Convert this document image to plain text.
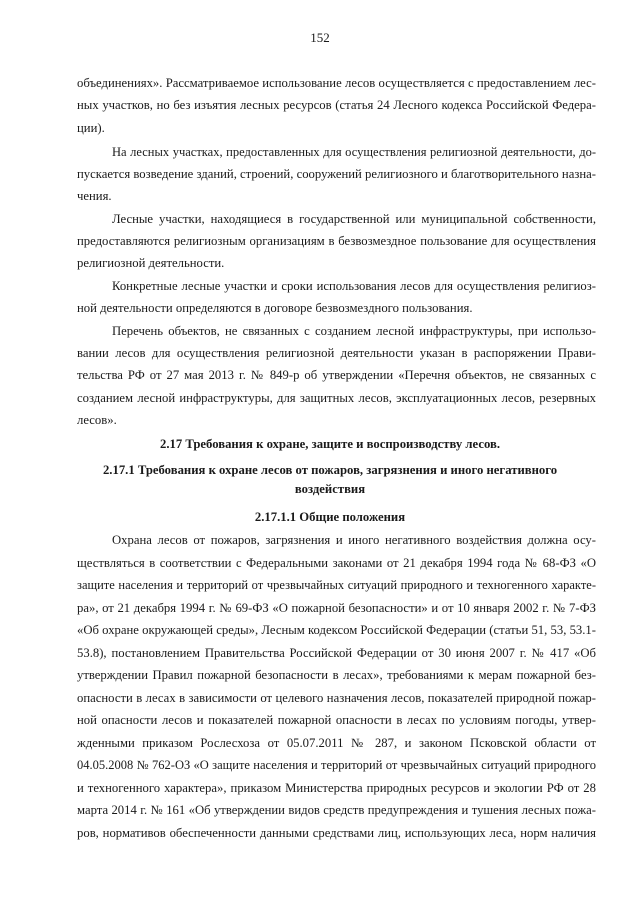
152
объединениях». Рассматриваемое использование лесов осуществляется с предоставлением лес-
ных участков, но без изъятия лесных ресурсов (статья 24 Лесного кодекса Российской Федера-
ции).
На лесных участках, предоставленных для осуществления религиозной деятельности, до-
пускается возведение зданий, строений, сооружений религиозного и благотворительного назна-
чения.
Лесные участки, находящиеся в государственной или муниципальной собственности,
предоставляются религиозным организациям в безвозмездное пользование для осуществления
религиозной деятельности.
Конкретные лесные участки и сроки использования лесов для осуществления религиоз-
ной деятельности определяются в договоре безвозмездного пользования.
Перечень объектов, не связанных с созданием лесной инфраструктуры, при использо-
вании лесов для осуществления религиозной деятельности указан в распоряжении Прави-
тельства РФ от 27 мая 2013 г. № 849-р об утверждении «Перечня объектов, не связанных с
созданием лесной инфраструктуры, для защитных лесов, эксплуатационных лесов, резервных
лесов».
2.17 Требования к охране, защите и воспроизводству лесов.
2.17.1 Требования к охране лесов от пожаров, загрязнения и иного негативного
воздействия
2.17.1.1 Общие положения
Охрана лесов от пожаров, загрязнения и иного негативного воздействия должна осу-
ществляться в соответствии с Федеральными законами от 21 декабря 1994 года № 68-ФЗ «О
защите населения и территорий от чрезвычайных ситуаций природного и техногенного характе-
ра», от 21 декабря 1994 г. № 69-ФЗ «О пожарной безопасности» и от 10 января 2002 г. № 7-ФЗ
«Об охране окружающей среды», Лесным кодексом Российской Федерации (статьи 51, 53, 53.1-
53.8), постановлением Правительства Российской Федерации от 30 июня 2007 г. № 417 «Об
утверждении Правил пожарной безопасности в лесах», требованиями к мерам пожарной без-
опасности в лесах в зависимости от целевого назначения лесов, показателей природной пожар-
ной опасности лесов и показателей пожарной опасности в лесах по условиям погоды, утвер-
жденными приказом Рослесхоза от 05.07.2011 № 287, и законом Псковской области от
04.05.2008 № 762-ОЗ «О защите населения и территорий от чрезвычайных ситуаций природного
и техногенного характера», приказом Министерства природных ресурсов и экологии РФ от 28
марта 2014 г. № 161 «Об утверждении видов средств предупреждения и тушения лесных пожа-
ров, нормативов обеспеченности данными средствами лиц, использующих леса, норм наличия
